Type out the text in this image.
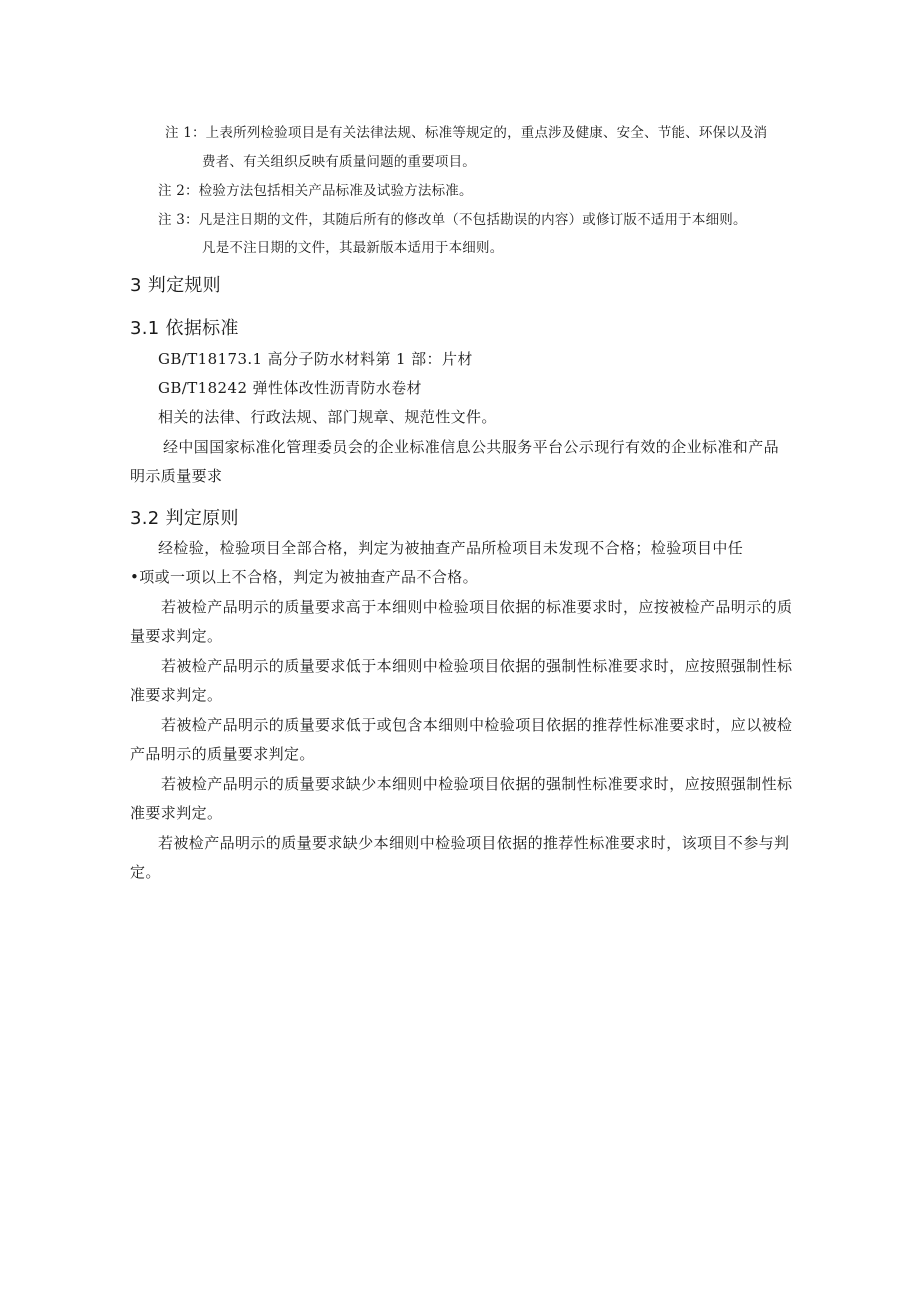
注 1：上表所列检验项目是有关法律法规、标准等规定的，重点涉及健康、安全、节能、环保以及消

费者、有关组织反映有质量问题的重要项目。

注 2：检验方法包括相关产品标准及试验方法标准。

注 3：凡是注日期的文件，其随后所有的修改单（不包括勘误的内容）或修订版不适用于本细则。

凡是不注日期的文件，其最新版本适用于本细则。

3 判定规则
3.1 依据标准

GB/T18173.1 高分子防水材料第 1 部：片材

GB/T18242 弹性体改性沥青防水卷材

相关的法律、行政法规、部门规章、规范性文件。

经中国国家标准化管理委员会的企业标准信息公共服务平台公示现行有效的企业标准和产品

明示质量要求

3.2 判定原则

经检验，检验项目全部合格，判定为被抽查产品所检项目未发现不合格；检验项目中任

•项或一项以上不合格，判定为被抽查产品不合格。

若被检产品明示的质量要求高于本细则中检验项目依据的标准要求时，应按被检产品明示的质

量要求判定。

若被检产品明示的质量要求低于本细则中检验项目依据的强制性标准要求时，应按照强制性标

准要求判定。

若被检产品明示的质量要求低于或包含本细则中检验项目依据的推荐性标准要求时，应以被检

产品明示的质量要求判定。

若被检产品明示的质量要求缺少本细则中检验项目依据的强制性标准要求时，应按照强制性标

准要求判定。

若被检产品明示的质量要求缺少本细则中检验项目依据的推荐性标准要求时，该项目不参与判

定。
